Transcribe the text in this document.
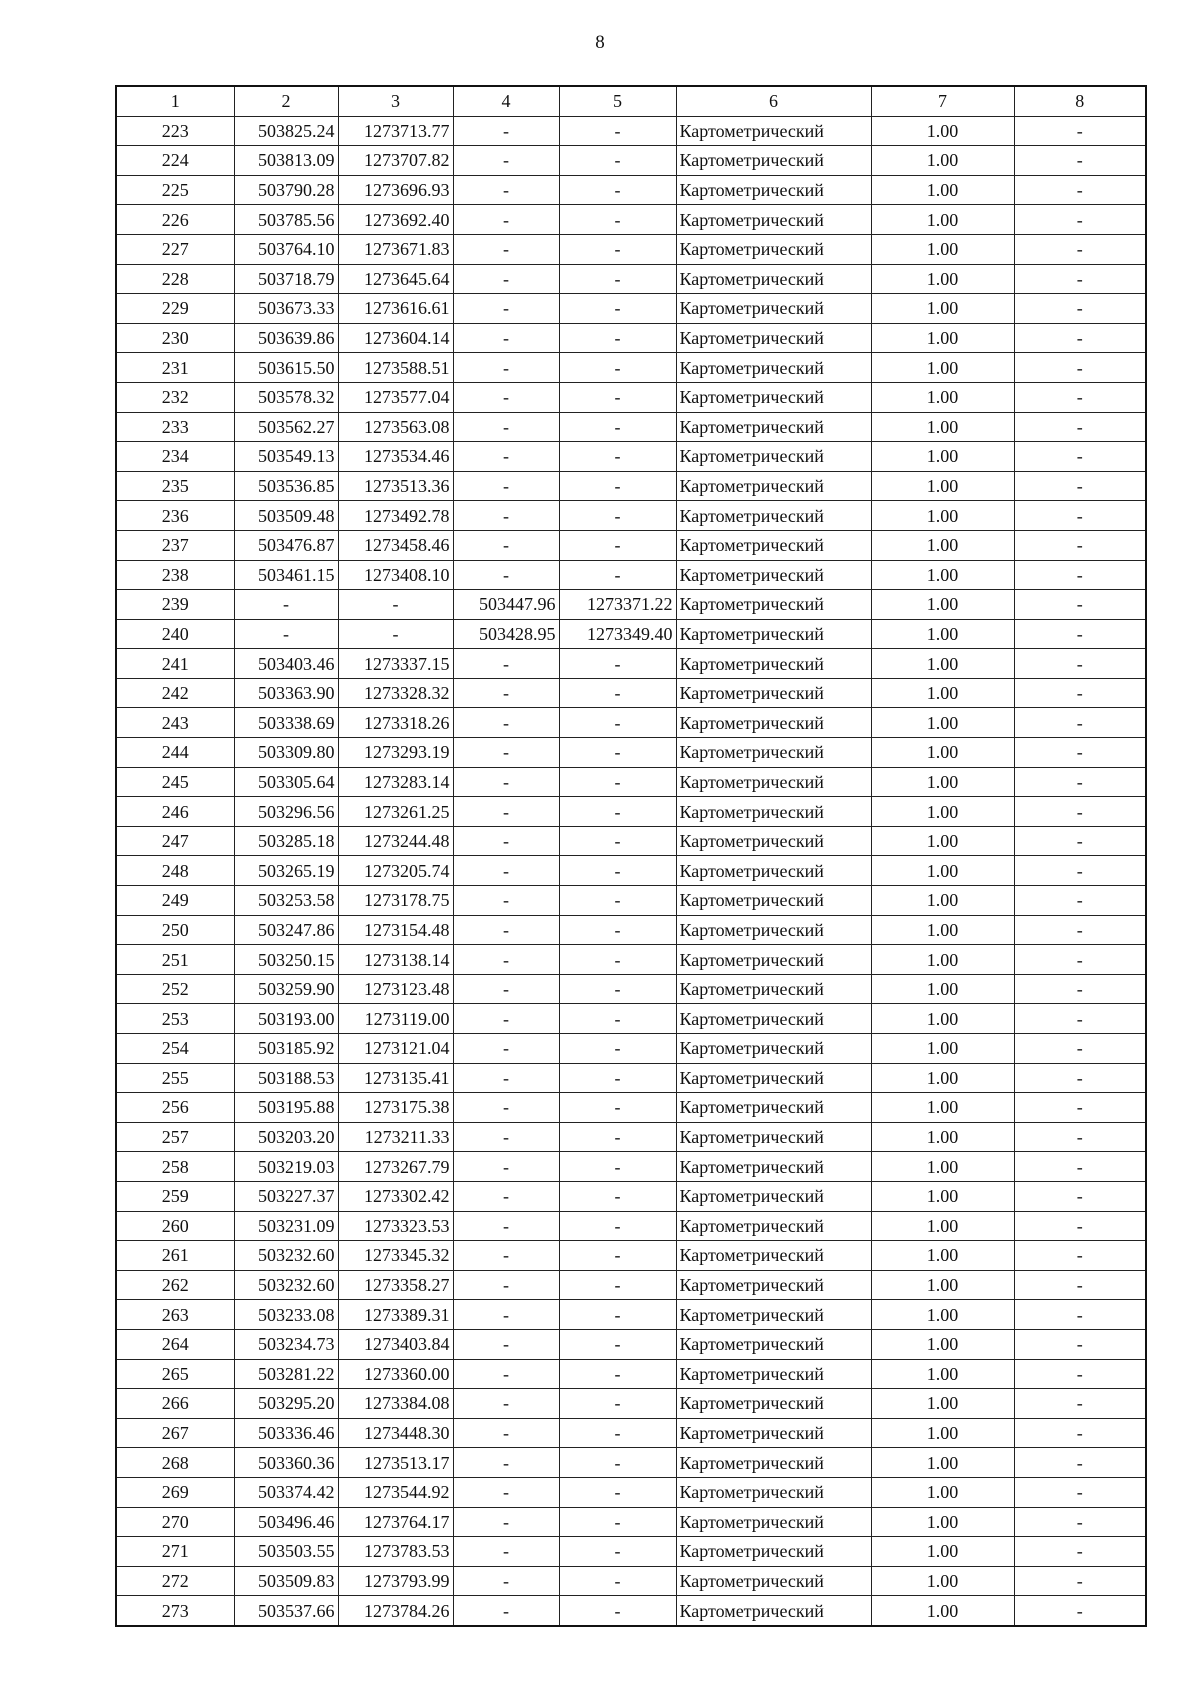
8
1	2	3	4	5	6	7	8
223	503825.24	1273713.77	-	-	Картометрический	1.00	-
224	503813.09	1273707.82	-	-	Картометрический	1.00	-
225	503790.28	1273696.93	-	-	Картометрический	1.00	-
226	503785.56	1273692.40	-	-	Картометрический	1.00	-
227	503764.10	1273671.83	-	-	Картометрический	1.00	-
228	503718.79	1273645.64	-	-	Картометрический	1.00	-
229	503673.33	1273616.61	-	-	Картометрический	1.00	-
230	503639.86	1273604.14	-	-	Картометрический	1.00	-
231	503615.50	1273588.51	-	-	Картометрический	1.00	-
232	503578.32	1273577.04	-	-	Картометрический	1.00	-
233	503562.27	1273563.08	-	-	Картометрический	1.00	-
234	503549.13	1273534.46	-	-	Картометрический	1.00	-
235	503536.85	1273513.36	-	-	Картометрический	1.00	-
236	503509.48	1273492.78	-	-	Картометрический	1.00	-
237	503476.87	1273458.46	-	-	Картометрический	1.00	-
238	503461.15	1273408.10	-	-	Картометрический	1.00	-
239	-	-	503447.96	1273371.22	Картометрический	1.00	-
240	-	-	503428.95	1273349.40	Картометрический	1.00	-
241	503403.46	1273337.15	-	-	Картометрический	1.00	-
242	503363.90	1273328.32	-	-	Картометрический	1.00	-
243	503338.69	1273318.26	-	-	Картометрический	1.00	-
244	503309.80	1273293.19	-	-	Картометрический	1.00	-
245	503305.64	1273283.14	-	-	Картометрический	1.00	-
246	503296.56	1273261.25	-	-	Картометрический	1.00	-
247	503285.18	1273244.48	-	-	Картометрический	1.00	-
248	503265.19	1273205.74	-	-	Картометрический	1.00	-
249	503253.58	1273178.75	-	-	Картометрический	1.00	-
250	503247.86	1273154.48	-	-	Картометрический	1.00	-
251	503250.15	1273138.14	-	-	Картометрический	1.00	-
252	503259.90	1273123.48	-	-	Картометрический	1.00	-
253	503193.00	1273119.00	-	-	Картометрический	1.00	-
254	503185.92	1273121.04	-	-	Картометрический	1.00	-
255	503188.53	1273135.41	-	-	Картометрический	1.00	-
256	503195.88	1273175.38	-	-	Картометрический	1.00	-
257	503203.20	1273211.33	-	-	Картометрический	1.00	-
258	503219.03	1273267.79	-	-	Картометрический	1.00	-
259	503227.37	1273302.42	-	-	Картометрический	1.00	-
260	503231.09	1273323.53	-	-	Картометрический	1.00	-
261	503232.60	1273345.32	-	-	Картометрический	1.00	-
262	503232.60	1273358.27	-	-	Картометрический	1.00	-
263	503233.08	1273389.31	-	-	Картометрический	1.00	-
264	503234.73	1273403.84	-	-	Картометрический	1.00	-
265	503281.22	1273360.00	-	-	Картометрический	1.00	-
266	503295.20	1273384.08	-	-	Картометрический	1.00	-
267	503336.46	1273448.30	-	-	Картометрический	1.00	-
268	503360.36	1273513.17	-	-	Картометрический	1.00	-
269	503374.42	1273544.92	-	-	Картометрический	1.00	-
270	503496.46	1273764.17	-	-	Картометрический	1.00	-
271	503503.55	1273783.53	-	-	Картометрический	1.00	-
272	503509.83	1273793.99	-	-	Картометрический	1.00	-
273	503537.66	1273784.26	-	-	Картометрический	1.00	-
